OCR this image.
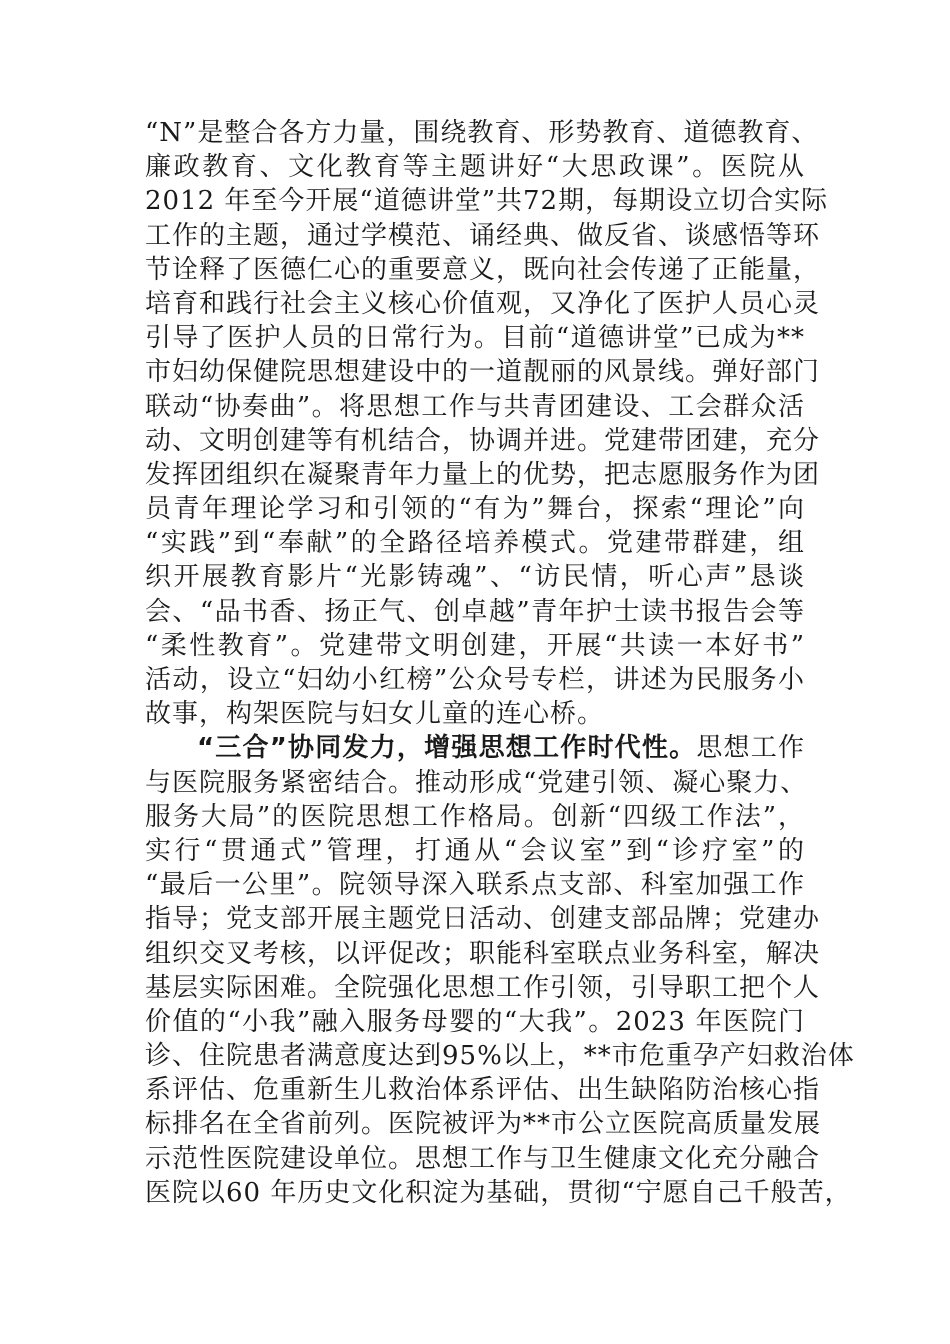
“N”是整合各方力量，围绕教育、形势教育、道德教育、
廉政教育、文化教育等主题讲好“大思政课”。医院从
2012 年至今开展“道德讲堂”共72期，每期设立切合实际
工作的主题，通过学模范、诵经典、做反省、谈感悟等环
节诠释了医德仁心的重要意义，既向社会传递了正能量，
培育和践行社会主义核心价值观，又净化了医护人员心灵
引导了医护人员的日常行为。目前“道德讲堂”已成为**
市妇幼保健院思想建设中的一道靓丽的风景线。弹好部门
联动“协奏曲”。将思想工作与共青团建设、工会群众活
动、文明创建等有机结合，协调并进。党建带团建，充分
发挥团组织在凝聚青年力量上的优势，把志愿服务作为团
员青年理论学习和引领的“有为”舞台，探索“理论”向
“实践”到“奉献”的全路径培养模式。党建带群建，组
织开展教育影片“光影铸魂”、“访民情，听心声”恳谈
会、“品书香、扬正气、创卓越”青年护士读书报告会等
“柔性教育”。党建带文明创建，开展“共读一本好书”
活动，设立“妇幼小红榜”公众号专栏，讲述为民服务小
故事，构架医院与妇女儿童的连心桥。
“三合”协同发力，增强思想工作时代性。思想工作
与医院服务紧密结合。推动形成“党建引领、凝心聚力、
服务大局”的医院思想工作格局。创新“四级工作法”，
实行“贯通式”管理，打通从“会议室”到“诊疗室”的
“最后一公里”。院领导深入联系点支部、科室加强工作
指导；党支部开展主题党日活动、创建支部品牌；党建办
组织交叉考核，以评促改；职能科室联点业务科室，解决
基层实际困难。全院强化思想工作引领，引导职工把个人
价值的“小我”融入服务母婴的“大我”。2023 年医院门
诊、住院患者满意度达到95%以上，**市危重孕产妇救治体
系评估、危重新生儿救治体系评估、出生缺陷防治核心指
标排名在全省前列。医院被评为**市公立医院高质量发展
示范性医院建设单位。思想工作与卫生健康文化充分融合
医院以60 年历史文化积淀为基础，贯彻“宁愿自己千般苦，
